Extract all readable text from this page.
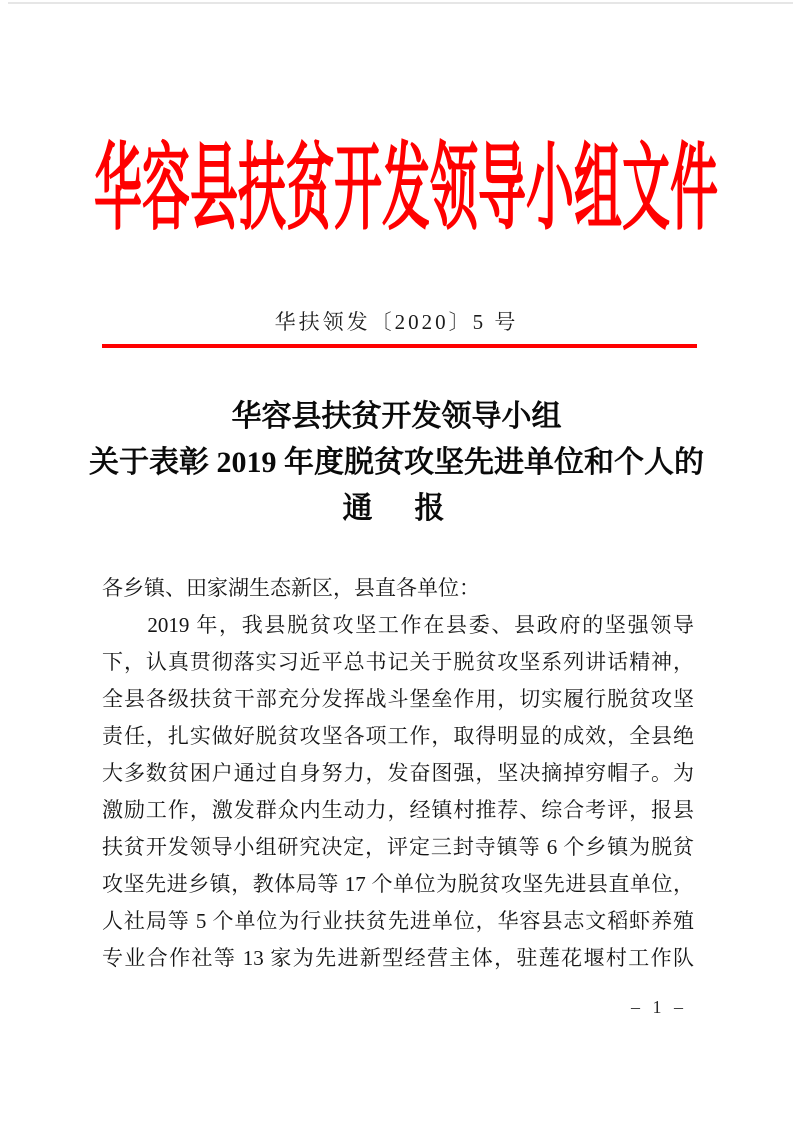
华容县扶贫开发领导小组文件
华扶领发〔2020〕5 号
华容县扶贫开发领导小组
关于表彰 2019 年度脱贫攻坚先进单位和个人的
通　报
各乡镇、田家湖生态新区，县直各单位：
　　2019 年，我县脱贫攻坚工作在县委、县政府的坚强领导
下，认真贯彻落实习近平总书记关于脱贫攻坚系列讲话精神，
全县各级扶贫干部充分发挥战斗堡垒作用，切实履行脱贫攻坚
责任，扎实做好脱贫攻坚各项工作，取得明显的成效，全县绝
大多数贫困户通过自身努力，发奋图强，坚决摘掉穷帽子。为
激励工作，激发群众内生动力，经镇村推荐、综合考评，报县
扶贫开发领导小组研究决定，评定三封寺镇等 6 个乡镇为脱贫
攻坚先进乡镇，教体局等 17 个单位为脱贫攻坚先进县直单位，
人社局等 5 个单位为行业扶贫先进单位，华容县志文稻虾养殖
专业合作社等 13 家为先进新型经营主体，驻莲花堰村工作队
– 1 –
